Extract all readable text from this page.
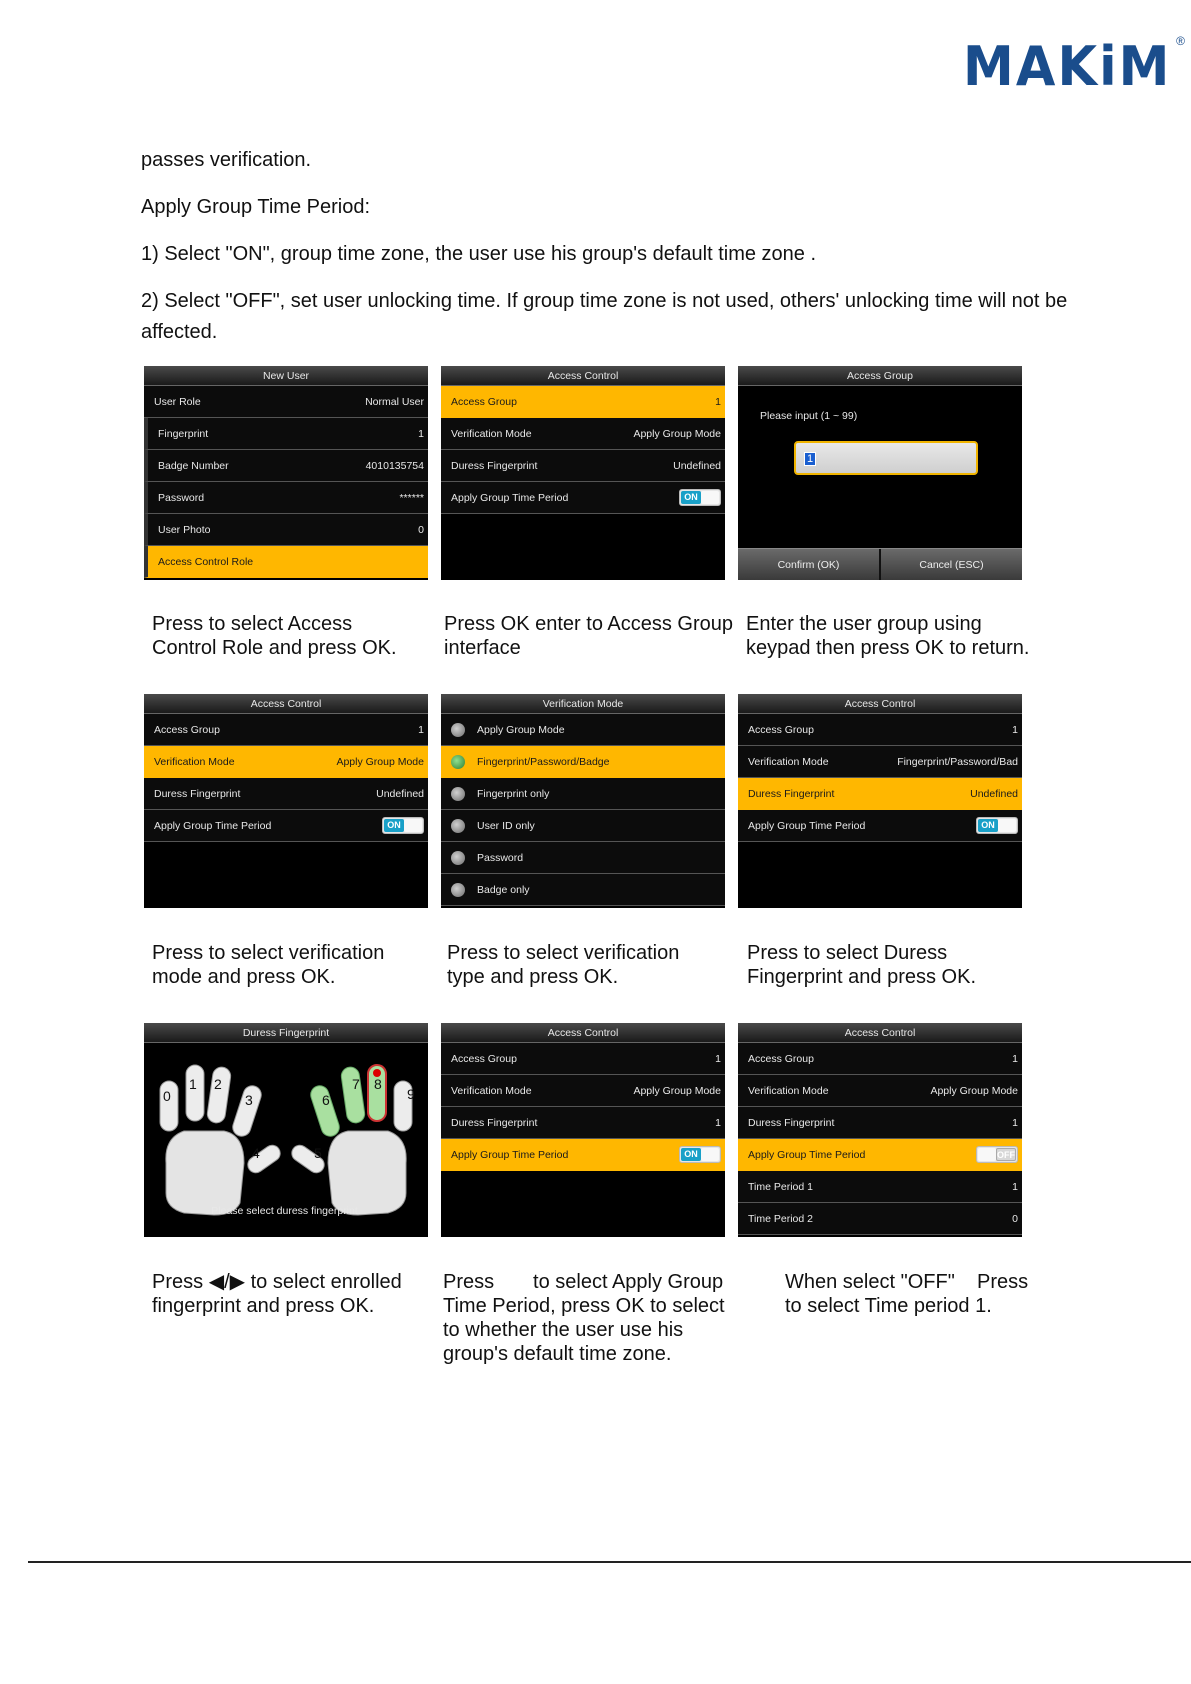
MAKiM ®
passes verification.
Apply Group Time Period:
1) Select "ON", group time zone, the user use his group's default time zone .
2) Select "OFF", set user unlocking time. If group time zone is not used, others' unlocking time will not be
affected.
New User
User Role	Normal User
Fingerprint	1
Badge Number	4010135754
Password	******
User Photo	0
Access Control Role
Access Control
Access Group	1
Verification Mode	Apply Group Mode
Duress Fingerprint	Undefined
Apply Group Time Period	ON
Access Group
Please input (1 ~ 99)
1
Confirm (OK)	Cancel (ESC)
Press to select Access
Control Role and press OK.
Press OK enter to Access Group
interface
Enter the user group using
keypad then press OK to return.
Access Control
Access Group	1
Verification Mode	Apply Group Mode
Duress Fingerprint	Undefined
Apply Group Time Period	ON
Verification Mode
Apply Group Mode
Fingerprint/Password/Badge
Fingerprint only
User ID only
Password
Badge only
Access Control
Access Group	1
Verification Mode	Fingerprint/Password/Bad
Duress Fingerprint	Undefined
Apply Group Time Period	ON
Press to select verification
mode and press OK.
Press to select verification
type and press OK.
Press to select Duress
Fingerprint and press OK.
Duress Fingerprint
0
1 2
3
4	5
6
7 8
9
Please select duress fingerprint.
Access Control
Access Group	1
Verification Mode	Apply Group Mode
Duress Fingerprint	1
Apply Group Time Period	ON
Access Control
Access Group	1
Verification Mode	Apply Group Mode
Duress Fingerprint	1
Apply Group Time Period	OFF
Time Period 1	1
Time Period 2	0
Press ◀/▶ to select enrolled
fingerprint and press OK.
Press       to select Apply Group
Time Period, press OK to select
to whether the user use his
group's default time zone.
When select "OFF"    Press
to select Time period 1.
